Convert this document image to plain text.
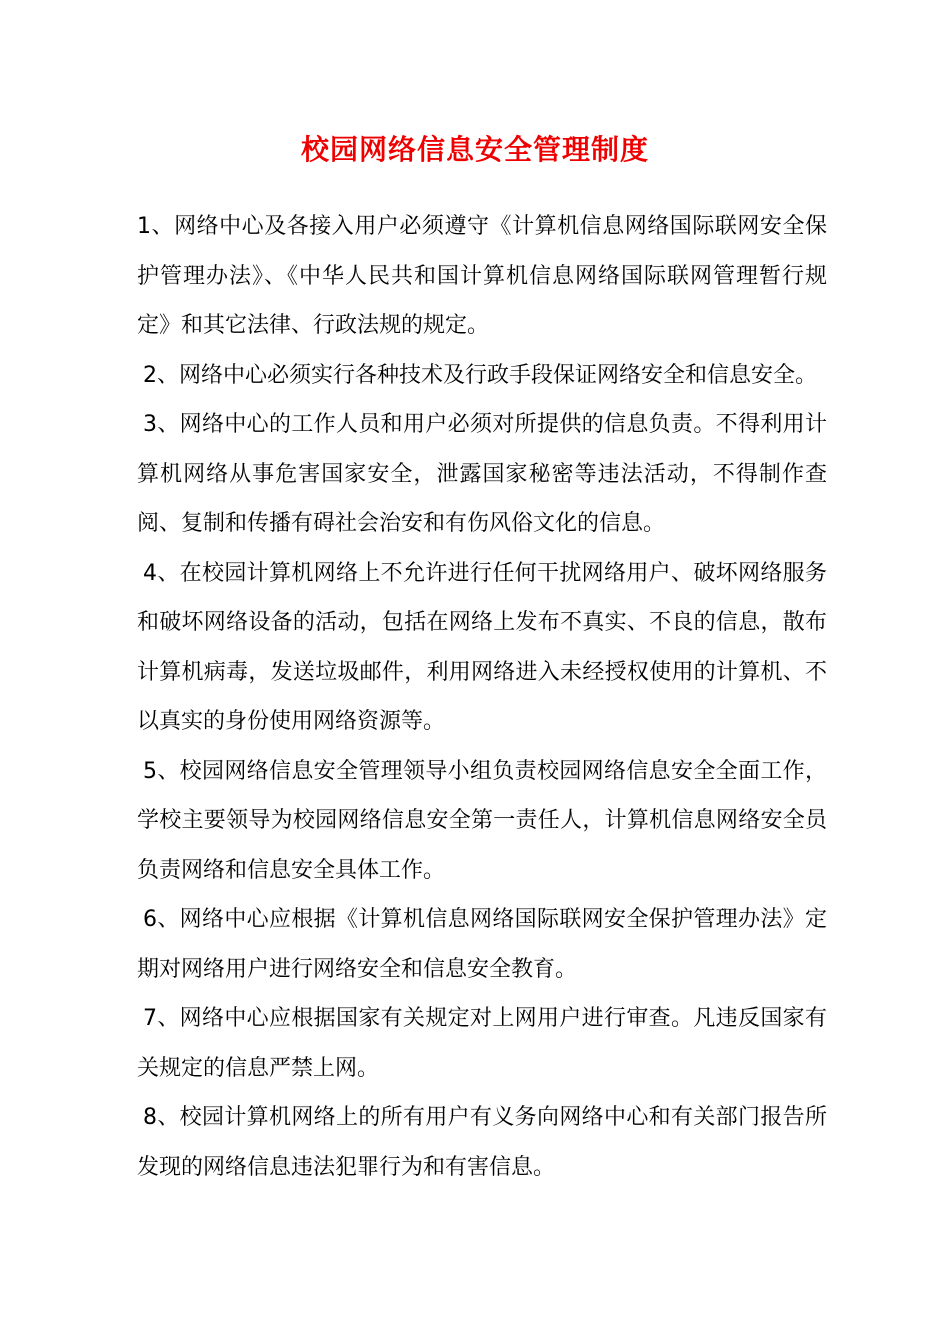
校园网络信息安全管理制度

1、网络中心及各接入用户必须遵守《计算机信息网络国际联网安全保护管理办法》、《中华人民共和国计算机信息网络国际联网管理暂行规定》和其它法律、行政法规的规定。

2、网络中心必须实行各种技术及行政手段保证网络安全和信息安全。

3、网络中心的工作人员和用户必须对所提供的信息负责。不得利用计算机网络从事危害国家安全，泄露国家秘密等违法活动，不得制作查阅、复制和传播有碍社会治安和有伤风俗文化的信息。

4、在校园计算机网络上不允许进行任何干扰网络用户、破坏网络服务和破坏网络设备的活动，包括在网络上发布不真实、不良的信息，散布计算机病毒，发送垃圾邮件，利用网络进入未经授权使用的计算机、不以真实的身份使用网络资源等。

5、校园网络信息安全管理领导小组负责校园网络信息安全全面工作，学校主要领导为校园网络信息安全第一责任人，计算机信息网络安全员负责网络和信息安全具体工作。

6、网络中心应根据《计算机信息网络国际联网安全保护管理办法》定期对网络用户进行网络安全和信息安全教育。

7、网络中心应根据国家有关规定对上网用户进行审查。凡违反国家有关规定的信息严禁上网。

8、校园计算机网络上的所有用户有义务向网络中心和有关部门报告所发现的网络信息违法犯罪行为和有害信息。
